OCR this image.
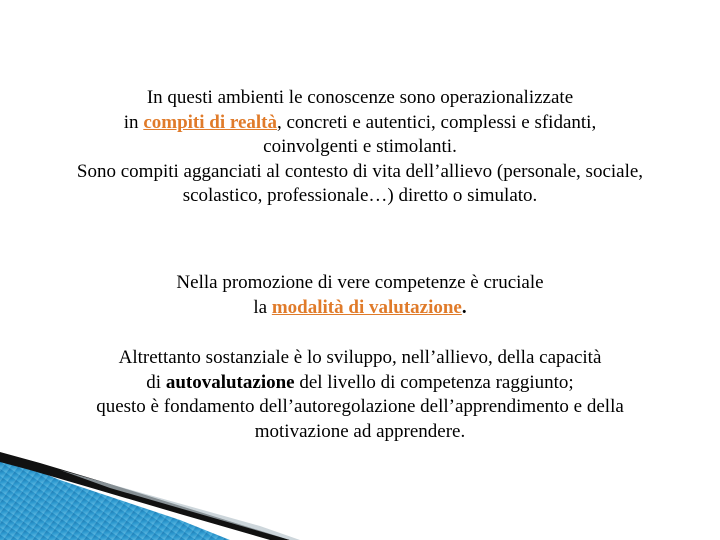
In questi ambienti le conoscenze sono operazionalizzate
in compiti di realtà, concreti e autentici, complessi e sfidanti,
coinvolgenti e stimolanti.
Sono compiti agganciati al contesto di vita dell’allievo (personale, sociale,
scolastico, professionale…) diretto o simulato.
Nella promozione di vere competenze è cruciale
la modalità di valutazione.
Altrettanto sostanziale è lo sviluppo, nell’allievo, della capacità
di autovalutazione del livello di competenza raggiunto;
questo è fondamento dell’autoregolazione dell’apprendimento e della
motivazione ad apprendere.
